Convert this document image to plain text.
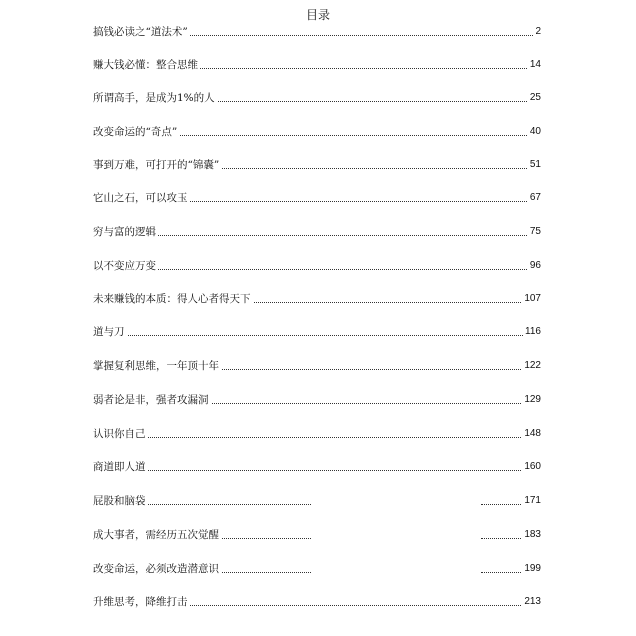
目录
搞钱必读之“道法术”	2
赚大钱必懂：整合思维	14
所谓高手，是成为1%的人	25
改变命运的“奇点”	40
事到万难，可打开的“锦囊”	51
它山之石，可以攻玉	67
穷与富的逻辑	75
以不变应万变	96
未来赚钱的本质：得人心者得天下	107
道与刀	116
掌握复利思维，一年顶十年	122
弱者论是非，强者攻漏洞	129
认识你自己	148
商道即人道	160
屁股和脑袋	171
成大事者，需经历五次觉醒	183
改变命运，必须改造潜意识	199
升维思考，降维打击	213
